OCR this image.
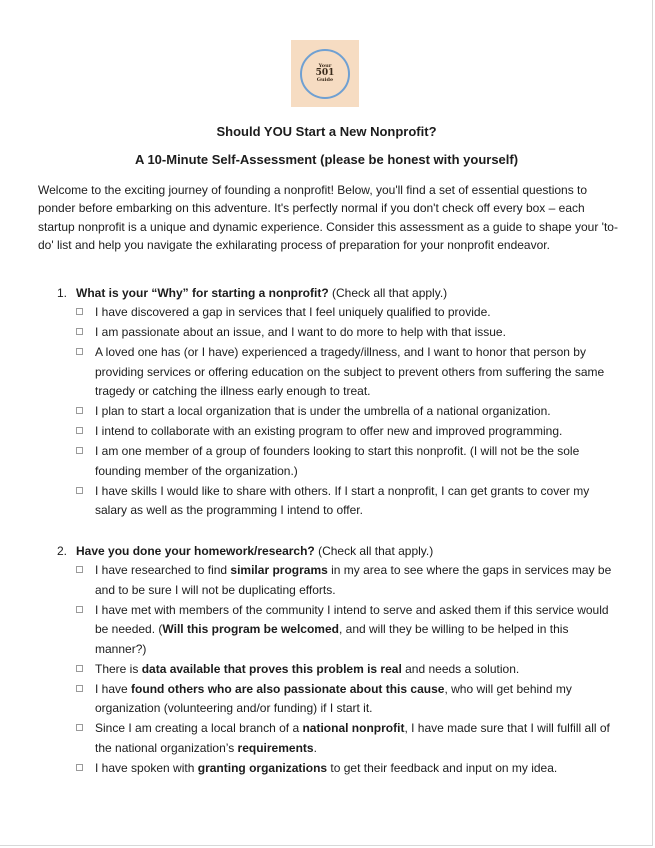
Your
501
Guide
Should YOU Start a New Nonprofit?
A 10-Minute Self-Assessment (please be honest with yourself)
Welcome to the exciting journey of founding a nonprofit! Below, you'll find a set of essential questions to ponder before embarking on this adventure. It's perfectly normal if you don't check off every box – each startup nonprofit is a unique and dynamic experience. Consider this assessment as a guide to shape your 'to-do' list and help you navigate the exhilarating process of preparation for your nonprofit endeavor.
1. What is your “Why” for starting a nonprofit? (Check all that apply.)
I have discovered a gap in services that I feel uniquely qualified to provide.
I am passionate about an issue, and I want to do more to help with that issue.
A loved one has (or I have) experienced a tragedy/illness, and I want to honor that person by providing services or offering education on the subject to prevent others from suffering the same tragedy or catching the illness early enough to treat.
I plan to start a local organization that is under the umbrella of a national organization.
I intend to collaborate with an existing program to offer new and improved programming.
I am one member of a group of founders looking to start this nonprofit. (I will not be the sole founding member of the organization.)
I have skills I would like to share with others. If I start a nonprofit, I can get grants to cover my salary as well as the programming I intend to offer.
2. Have you done your homework/research? (Check all that apply.)
I have researched to find similar programs in my area to see where the gaps in services may be and to be sure I will not be duplicating efforts.
I have met with members of the community I intend to serve and asked them if this service would be needed. (Will this program be welcomed, and will they be willing to be helped in this manner?)
There is data available that proves this problem is real and needs a solution.
I have found others who are also passionate about this cause, who will get behind my organization (volunteering and/or funding) if I start it.
Since I am creating a local branch of a national nonprofit, I have made sure that I will fulfill all of the national organization’s requirements.
I have spoken with granting organizations to get their feedback and input on my idea.
